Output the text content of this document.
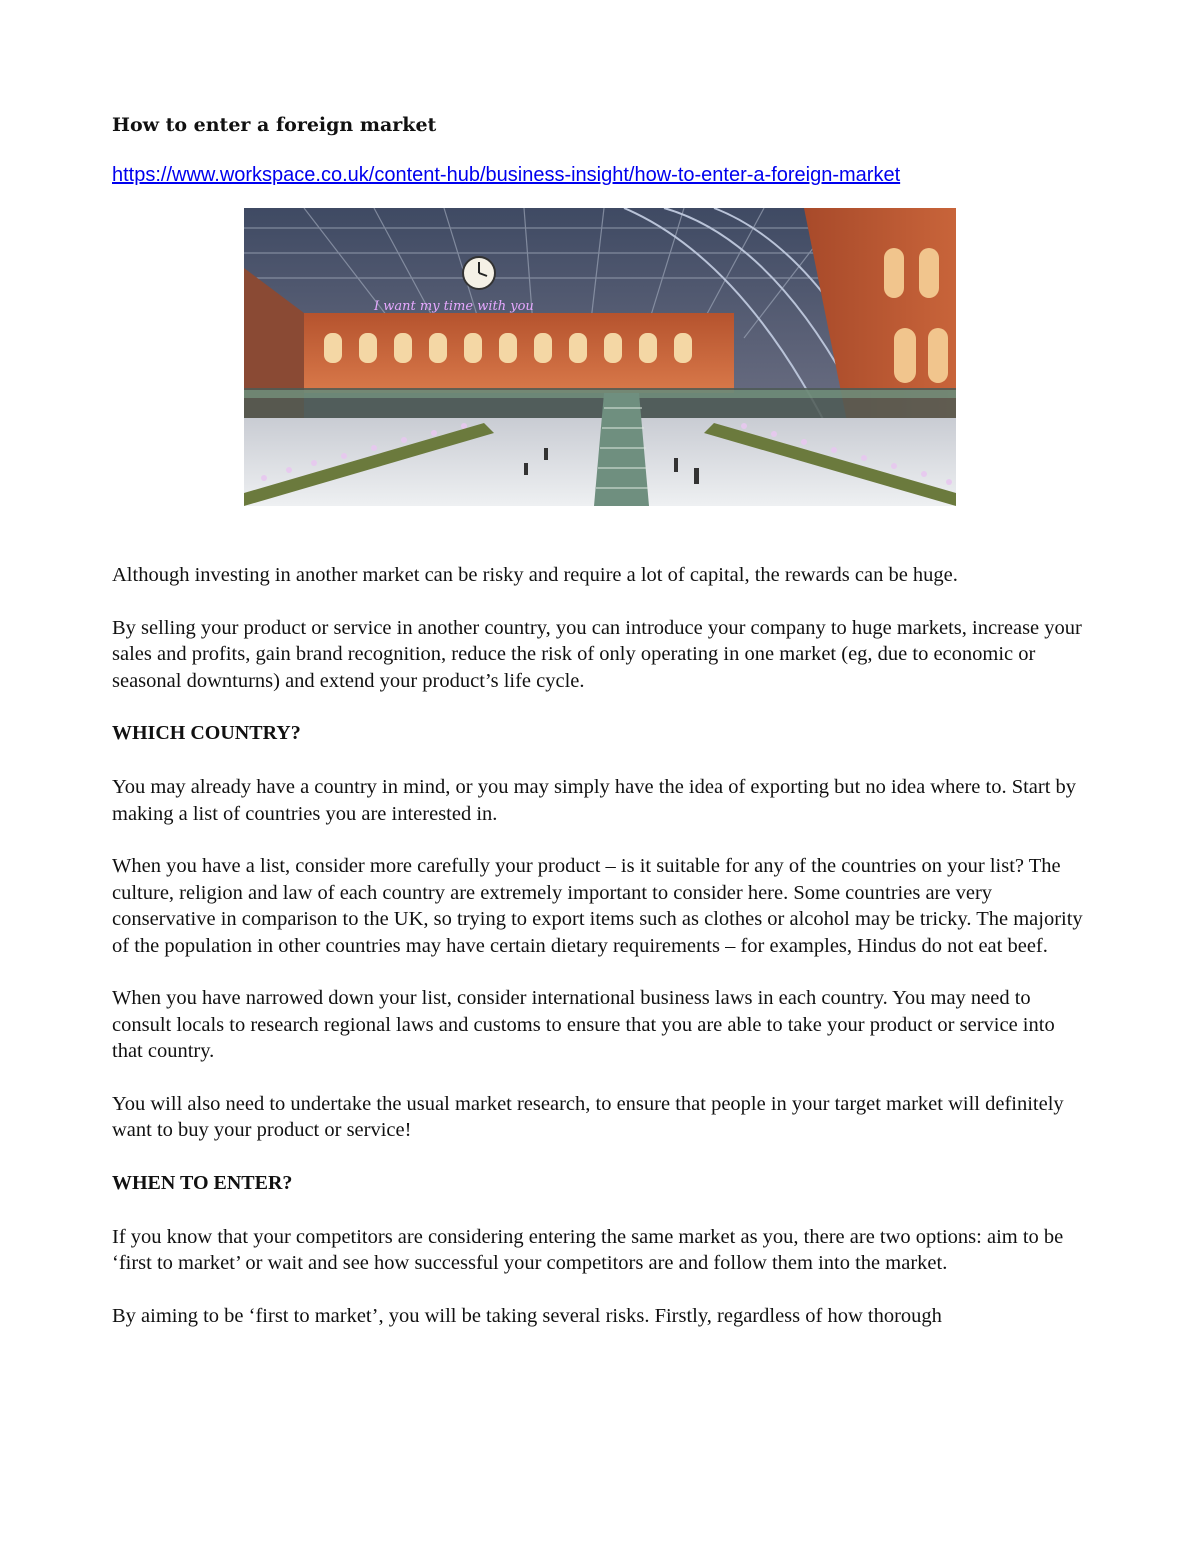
How to enter a foreign market
https://www.workspace.co.uk/content-hub/business-insight/how-to-enter-a-foreign-market
I want my time with you
Although investing in another market can be risky and require a lot of capital, the rewards can be huge.
By selling your product or service in another country, you can introduce your company to huge markets, increase your sales and profits, gain brand recognition, reduce the risk of only operating in one market (eg, due to economic or seasonal downturns) and extend your product’s life cycle.
WHICH COUNTRY?
You may already have a country in mind, or you may simply have the idea of exporting but no idea where to. Start by making a list of countries you are interested in.
When you have a list, consider more carefully your product – is it suitable for any of the countries on your list? The culture, religion and law of each country are extremely important to consider here. Some countries are very conservative in comparison to the UK, so trying to export items such as clothes or alcohol may be tricky. The majority of the population in other countries may have certain dietary requirements – for examples, Hindus do not eat beef.
When you have narrowed down your list, consider international business laws in each country. You may need to consult locals to research regional laws and customs to ensure that you are able to take your product or service into that country.
You will also need to undertake the usual market research, to ensure that people in your target market will definitely want to buy your product or service!
WHEN TO ENTER?
If you know that your competitors are considering entering the same market as you, there are two options: aim to be ‘first to market’ or wait and see how successful your competitors are and follow them into the market.
By aiming to be ‘first to market’, you will be taking several risks. Firstly, regardless of how thorough
